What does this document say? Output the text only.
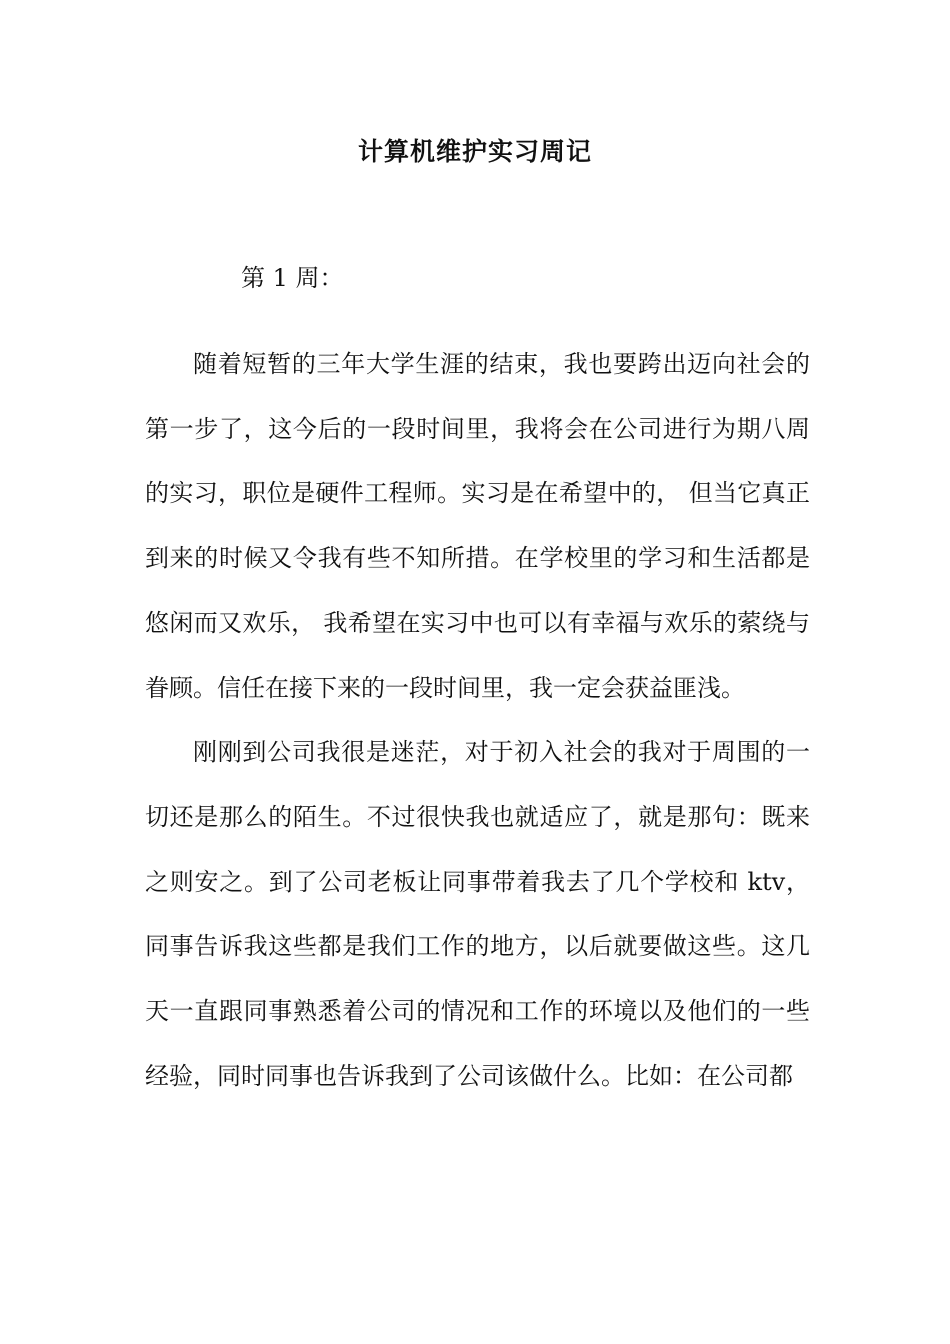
计算机维护实习周记

第 1 周：

随着短暂的三年大学生涯的结束，我也要跨出迈向社会的第一步了，这今后的一段时间里，我将会在公司进行为期八周的实习，职位是硬件工程师。实习是在希望中的， 但当它真正到来的时候又令我有些不知所措。在学校里的学习和生活都是悠闲而又欢乐， 我希望在实习中也可以有幸福与欢乐的萦绕与眷顾。信任在接下来的一段时间里，我一定会获益匪浅。

刚刚到公司我很是迷茫，对于初入社会的我对于周围的一切还是那么的陌生。不过很快我也就适应了，就是那句：既来之则安之。到了公司老板让同事带着我去了几个学校和 ktv，同事告诉我这些都是我们工作的地方，以后就要做这些。这几天一直跟同事熟悉着公司的情况和工作的环境以及他们的一些经验，同时同事也告诉我到了公司该做什么。比如：在公司都
